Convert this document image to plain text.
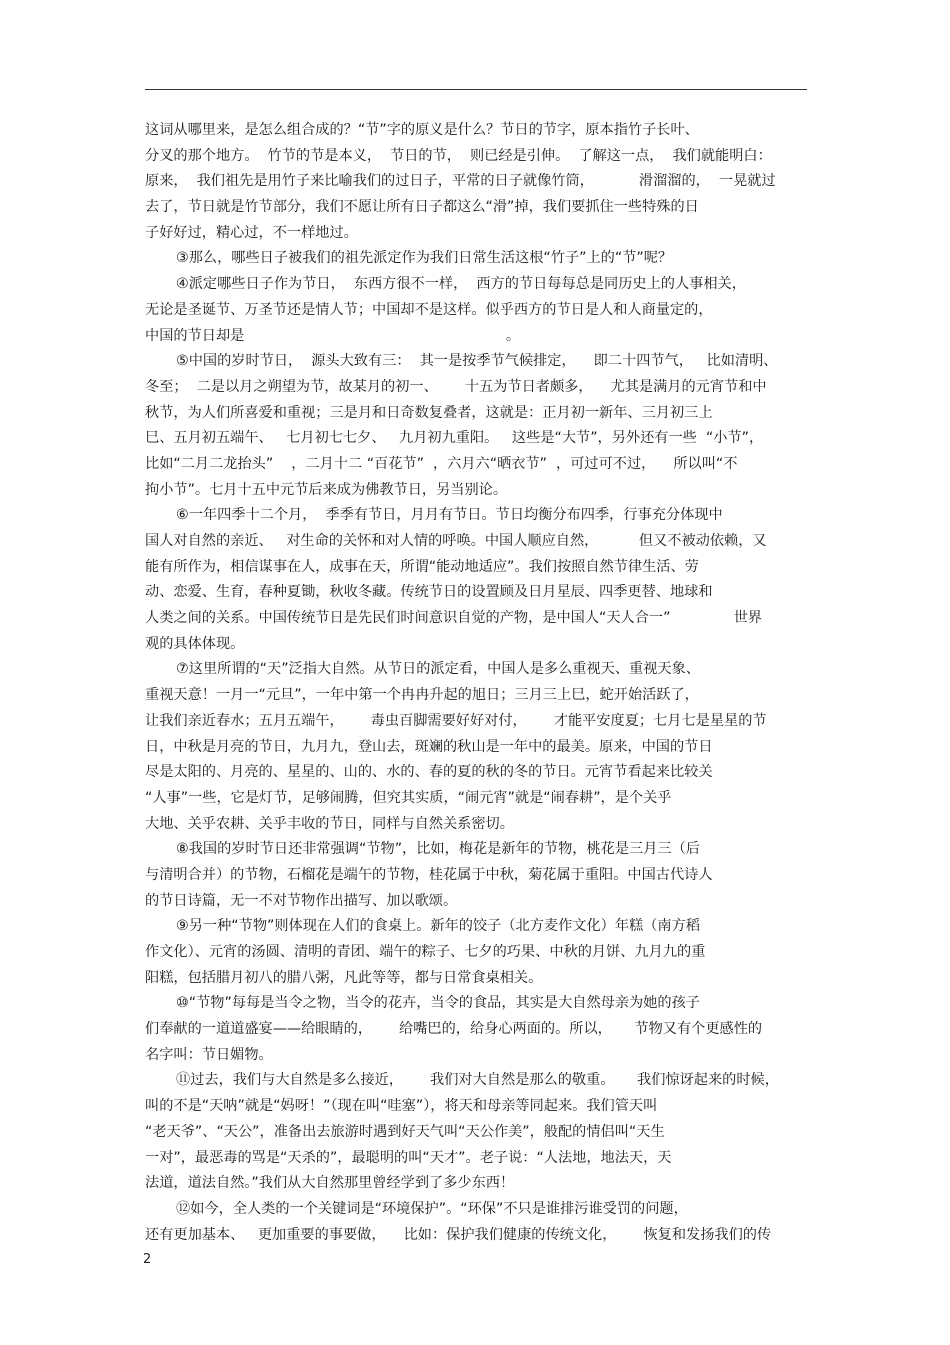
这词从哪里来，是怎么组合成的？“节”字的原义是什么？节日的节字，原本指竹子长叶、
分叉的那个地方。  竹节的节是本义，  节日的节，  则已经是引伸。  了解这一点，  我们就能明白：
原来，  我们祖先是用竹子来比喻我们的过日子，平常的日子就像竹筒，          滑溜溜的，  一晃就过
去了，节日就是竹节部分，我们不愿让所有日子都这么“滑”掉，我们要抓住一些特殊的日
子好好过，精心过，不一样地过。
③那么，哪些日子被我们的祖先派定作为我们日常生活这根“竹子”上的“节”呢？
④派定哪些日子作为节日，  东西方很不一样，  西方的节日每每总是同历史上的人事相关，
无论是圣诞节、万圣节还是情人节；中国却不是这样。似乎西方的节日是人和人商量定的，
中国的节日却是                                                          。
⑤中国的岁时节日，  源头大致有三：  其一是按季节气候排定，    即二十四节气，   比如清明、
冬至；  二是以月之朔望为节，故某月的初一、      十五为节日者颇多，    尤其是满月的元宵节和中
秋节，为人们所喜爱和重视；三是月和日奇数复叠者，这就是：正月初一新年、三月初三上
巳、五月初五端午、   七月初七七夕、   九月初九重阳。   这些是“大节”，另外还有一些  “小节”，
比如“二月二龙抬头”    ，二月十二 “百花节”  ，六月六“晒衣节”  ，可过可不过，    所以叫“不
拘小节”。七月十五中元节后来成为佛教节日，另当别论。
⑥一年四季十二个月，  季季有节日，月月有节日。节日均衡分布四季，行事充分体现中
国人对自然的亲近、   对生命的关怀和对人情的呼唤。中国人顺应自然，         但又不被动依赖，又
能有所作为，相信谋事在人，成事在天，所谓“能动地适应”。我们按照自然节律生活、劳
动、恋爱、生育，春种夏锄，秋收冬藏。传统节日的设置顾及日月星辰、四季更替、地球和
人类之间的关系。中国传统节日是先民们时间意识自觉的产物，是中国人“天人合一”              世界
观的具体体现。
⑦这里所谓的“天”泛指大自然。从节日的派定看，中国人是多么重视天、重视天象、
重视天意！一月一“元旦”，一年中第一个冉冉升起的旭日；三月三上巳，蛇开始活跃了，
让我们亲近春水；五月五端午，      毒虫百脚需要好好对付，      才能平安度夏；七月七是星星的节
日，中秋是月亮的节日，九月九，登山去，斑斓的秋山是一年中的最美。原来，中国的节日
尽是太阳的、月亮的、星星的、山的、水的、春的夏的秋的冬的节日。元宵节看起来比较关
“人事”一些，它是灯节，足够闹腾，但究其实质，“闹元宵”就是“闹春耕”，是个关乎
大地、关乎农耕、关乎丰收的节日，同样与自然关系密切。
⑧我国的岁时节日还非常强调“节物”，比如，梅花是新年的节物，桃花是三月三（后
与清明合并）的节物，石榴花是端午的节物，桂花属于中秋，菊花属于重阳。中国古代诗人
的节日诗篇，无一不对节物作出描写、加以歌颂。
⑨另一种“节物”则体现在人们的食桌上。新年的饺子（北方麦作文化）年糕（南方稻
作文化）、元宵的汤圆、清明的青团、端午的粽子、七夕的巧果、中秋的月饼、九月九的重
阳糕，包括腊月初八的腊八粥，凡此等等，都与日常食桌相关。
⑩“节物”每每是当令之物，当令的花卉，当令的食品，其实是大自然母亲为她的孩子
们奉献的一道道盛宴——给眼睛的，      给嘴巴的，给身心两面的。所以，     节物又有个更感性的
名字叫：节日媚物。
⑪过去，我们与大自然是多么接近，      我们对大自然是那么的敬重。     我们惊讶起来的时候，
叫的不是“天呐”就是“妈呀！”（现在叫“哇塞”），将天和母亲等同起来。我们管天叫
“老天爷”、“天公”，准备出去旅游时遇到好天气叫“天公作美”，般配的情侣叫“天生
一对”，最恶毒的骂是“天杀的”，最聪明的叫“天才”。老子说：“人法地，地法天，天
法道，道法自然。”我们从大自然那里曾经学到了多少东西！
⑫如今，全人类的一个关键词是“环境保护”。“环保”不只是谁排污谁受罚的问题，
还有更加基本、   更加重要的事要做，    比如：保护我们健康的传统文化，      恢复和发扬我们的传
2
